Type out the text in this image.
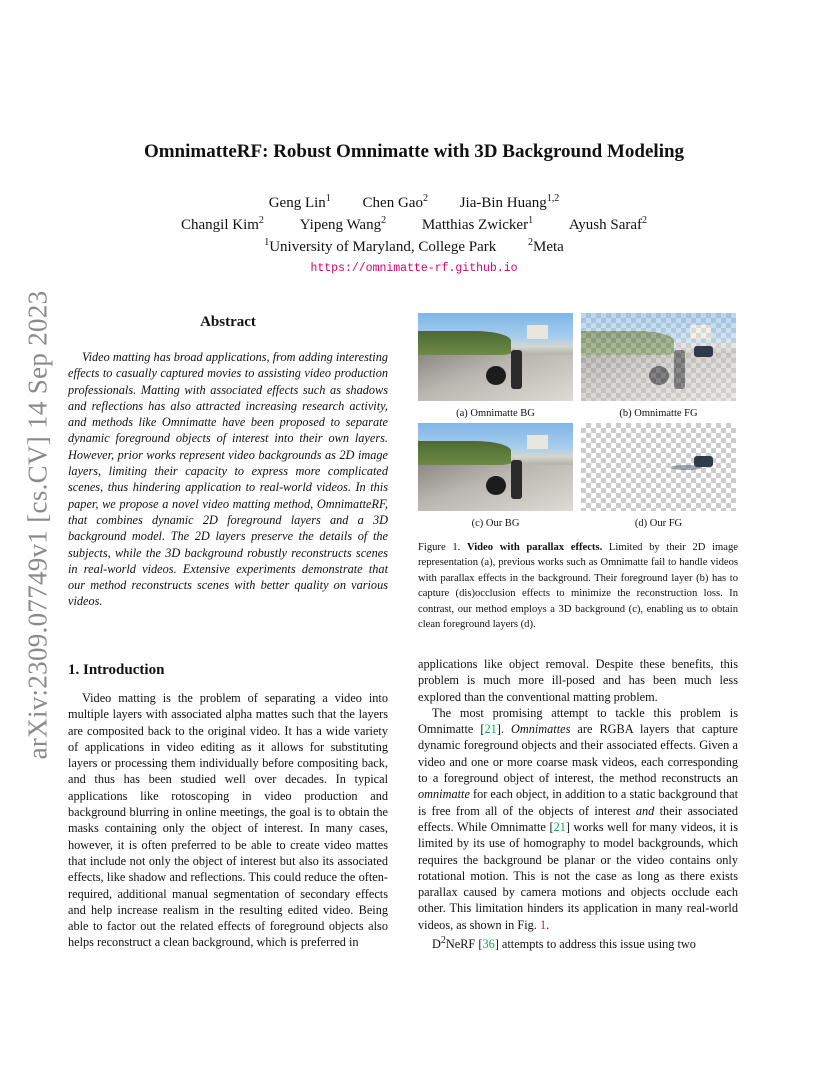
arXiv:2309.07749v1 [cs.CV] 14 Sep 2023
OmnimatteRF: Robust Omnimatte with 3D Background Modeling
Geng Lin$^1$ Chen Gao$^2$ Jia-Bin Huang$^{1,2}$
Changil Kim$^2$ Yipeng Wang$^2$ Matthias Zwicker$^1$ Ayush Saraf$^2$
$^1$University of Maryland, College Park	$^2$Meta
https://omnimatte-rf.github.io
Abstract

Video matting has broad applications, from adding interesting effects to casually captured movies to assisting video production professionals. Matting with associated effects such as shadows and reflections has also attracted increasing research activity, and methods like Omnimatte have been proposed to separate dynamic foreground objects of interest into their own layers. However, prior works represent video backgrounds as 2D image layers, limiting their capacity to express more complicated scenes, thus hindering application to real-world videos. In this paper, we propose a novel video matting method, OmnimatteRF, that combines dynamic 2D foreground layers and a 3D background model. The 2D layers preserve the details of the subjects, while the 3D background robustly reconstructs scenes in real-world videos. Extensive experiments demonstrate that our method reconstructs scenes with better quality on various videos.

(a) Omnimatte BG	(b) Omnimatte FG
(c) Our BG	(d) Our FG

Figure 1. Video with parallax effects. Limited by their 2D image representation (a), previous works such as Omnimatte fail to handle videos with parallax effects in the background. Their foreground layer (b) has to capture (dis)occlusion effects to minimize the reconstruction loss. In contrast, our method employs a 3D background (c), enabling us to obtain clean foreground layers (d).

1. Introduction

Video matting is the problem of separating a video into multiple layers with associated alpha mattes such that the layers are composited back to the original video. It has a wide variety of applications in video editing as it allows for substituting layers or processing them individually before compositing back, and thus has been studied well over decades. In typical applications like rotoscoping in video production and background blurring in online meetings, the goal is to obtain the masks containing only the object of interest. In many cases, however, it is often preferred to be able to create video mattes that include not only the object of interest but also its associated effects, like shadow and reflections. This could reduce the often-required, additional manual segmentation of secondary effects and help increase realism in the resulting edited video. Being able to factor out the related effects of foreground objects also helps reconstruct a clean background, which is preferred in

applications like object removal. Despite these benefits, this problem is much more ill-posed and has been much less explored than the conventional matting problem.

The most promising attempt to tackle this problem is Omnimatte [21]. Omnimattes are RGBA layers that capture dynamic foreground objects and their associated effects. Given a video and one or more coarse mask videos, each corresponding to a foreground object of interest, the method reconstructs an omnimatte for each object, in addition to a static background that is free from all of the objects of interest and their associated effects. While Omnimatte [21] works well for many videos, it is limited by its use of homography to model backgrounds, which requires the background be planar or the video contains only rotational motion. This is not the case as long as there exists parallax caused by camera motions and objects occlude each other. This limitation hinders its application in many real-world videos, as shown in Fig. 1.

$D^2NeRF$ [36] attempts to address this issue using two
